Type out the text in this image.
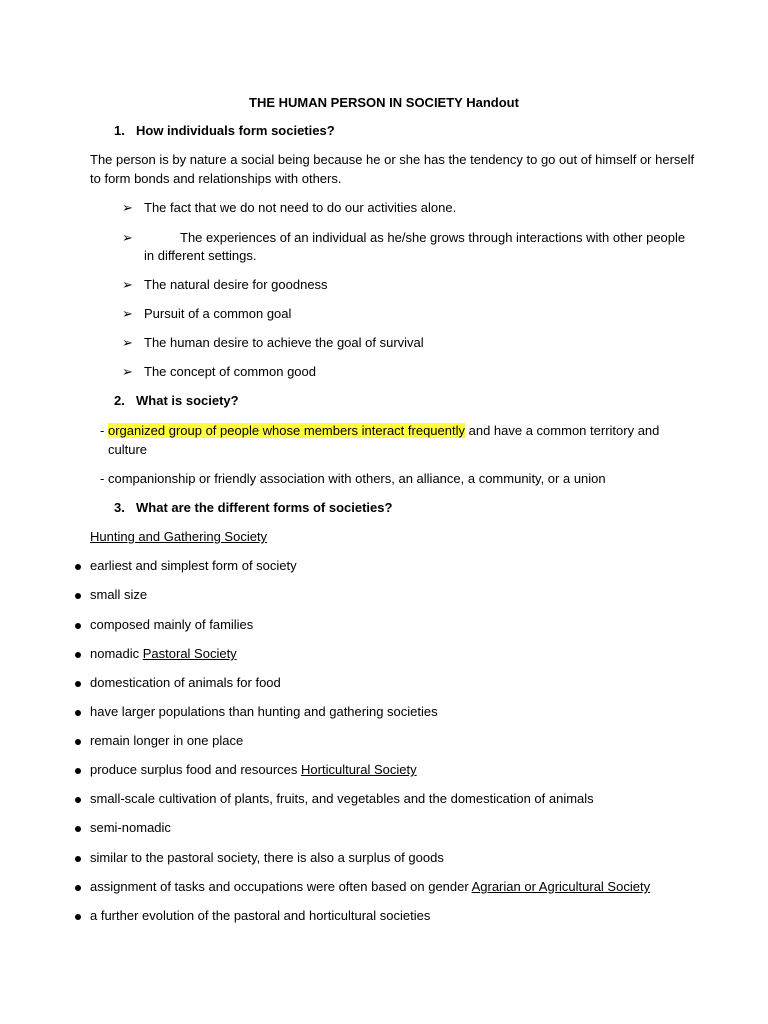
THE HUMAN PERSON IN SOCIETY Handout
1. How individuals form societies?
The person is by nature a social being because he or she has the tendency to go out of himself or herself
to form bonds and relationships with others.
➢ The fact that we do not need to do our activities alone.
➢	The experiences of an individual as he/she grows through interactions with other people
in different settings.
➢ The natural desire for goodness
➢ Pursuit of a common goal
➢ The human desire to achieve the goal of survival
➢ The concept of common good
2. What is society?
- organized group of people whose members interact frequently and have a common territory and
culture
- companionship or friendly association with others, an alliance, a community, or a union
3. What are the different forms of societies?
Hunting and Gathering Society
earliest and simplest form of society
small size
composed mainly of families
nomadic Pastoral Society
domestication of animals for food
have larger populations than hunting and gathering societies
remain longer in one place
produce surplus food and resources Horticultural Society
small-scale cultivation of plants, fruits, and vegetables and the domestication of animals
semi-nomadic
similar to the pastoral society, there is also a surplus of goods
assignment of tasks and occupations were often based on gender Agrarian or Agricultural Society
a further evolution of the pastoral and horticultural societies
